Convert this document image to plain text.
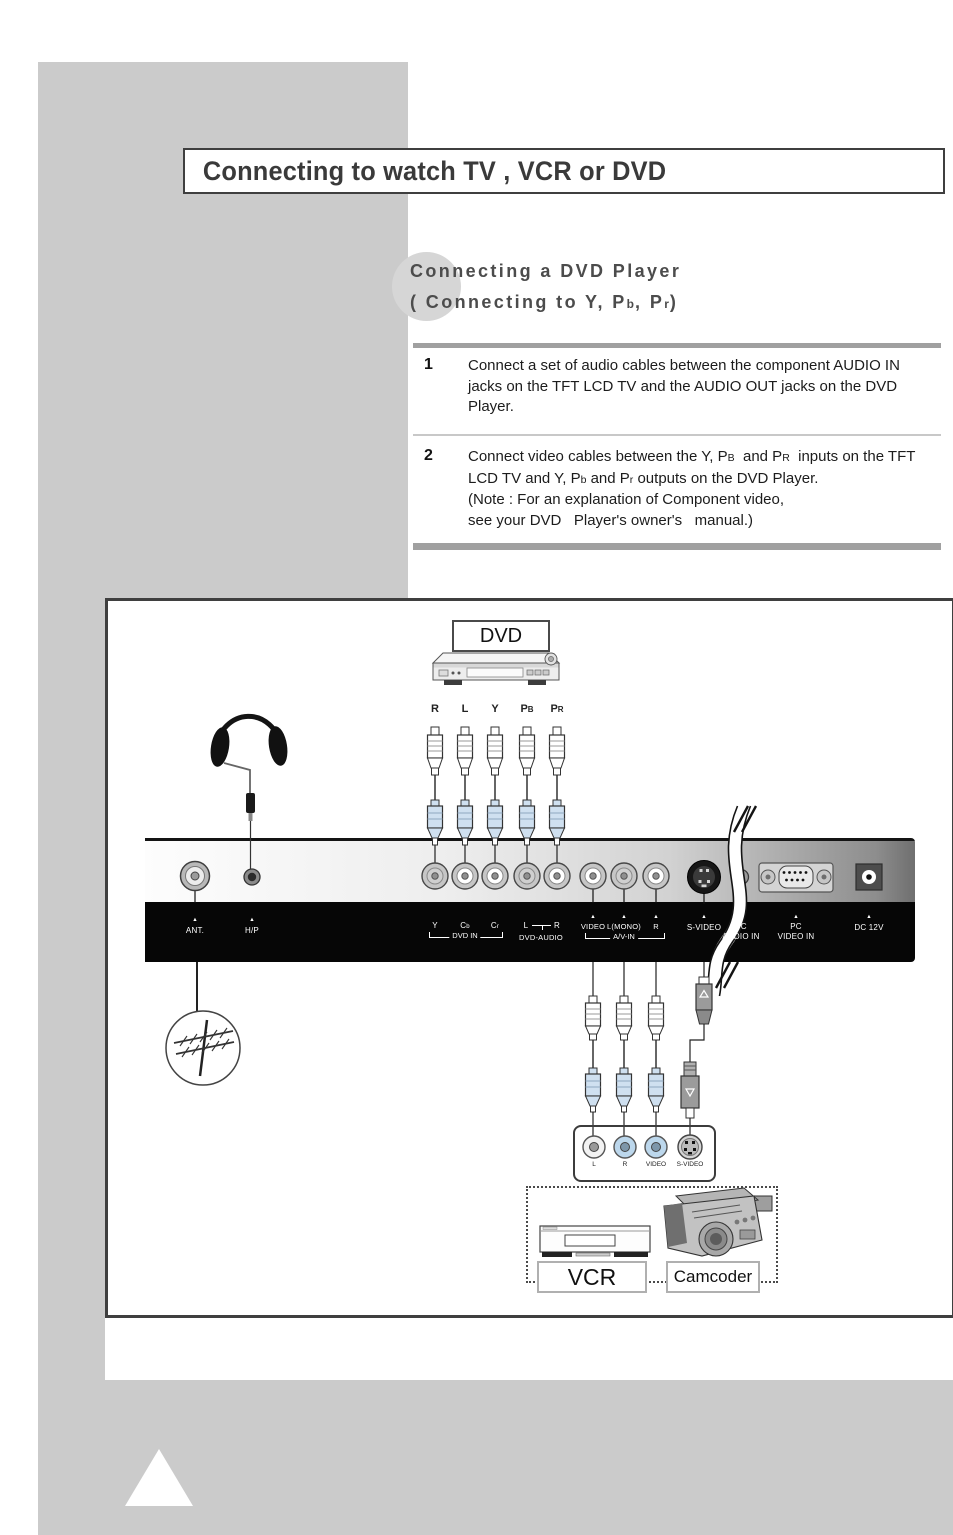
Connecting to watch TV , VCR or DVD
Connecting a DVD Player
( Connecting to Y, Pb, Pr)
1 Connect a set of audio cables between the component AUDIO IN
jacks on the TFT LCD TV and the AUDIO OUT jacks on the DVD
Player.
2 Connect video cables between the Y, PB  and PR  inputs on the TFT
LCD TV and Y, Pb and Pr outputs on the DVD Player.
(Note : For an explanation of Component video,
see your DVD   Player's owner's   manual.)
DVD
R L Y PB PR
▲
ANT.
▲
H/P
Y	Cb	Cr
DVD IN
L	R
DVD-AUDIO
▲
VIDEO
▲
L(MONO)
▲
R
A/V-IN
▲
S-VIDEO
▲
PC
AUDIO IN
▲
PC
VIDEO IN
▲
DC 12V
L	R	VIDEO S-VIDEO
VCR	Camcoder
